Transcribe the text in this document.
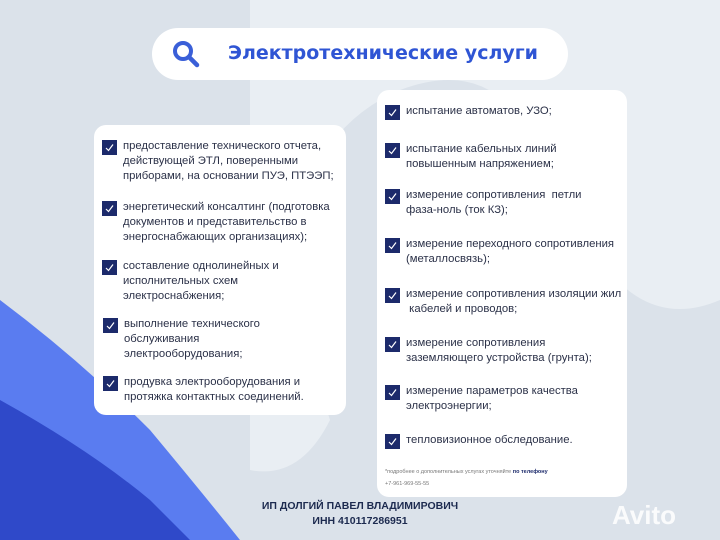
Электротехнические услуги
предоставление технического отчета,
действующей ЭТЛ, поверенными
приборами, на основании ПУЭ, ПТЭЭП;
энергетический консалтинг (подготовка
документов и представительство в
энергоснабжающих организациях);
составление однолинейных и
исполнительных схем
электроснабжения;
выполнение технического
обслуживания
электрооборудования;
продувка электрооборудования и
протяжка контактных соединений.
испытание автоматов, УЗО;
испытание кабельных линий
повышенным напряжением;
измерение сопротивления  петли
фаза-ноль (ток КЗ);
измерение переходного сопротивления
(металлосвязь);
измерение сопротивления изоляции жил
кабелей и проводов;
измерение сопротивления
заземляющего устройства (грунта);
измерение параметров качества
электроэнергии;
тепловизионное обследование.
*подробнее о дополнительных услугах уточняйте по телефону
+7-961-969-55-55
ИП ДОЛГИЙ ПАВЕЛ ВЛАДИМИРОВИЧ
ИНН 410117286951	Avito
